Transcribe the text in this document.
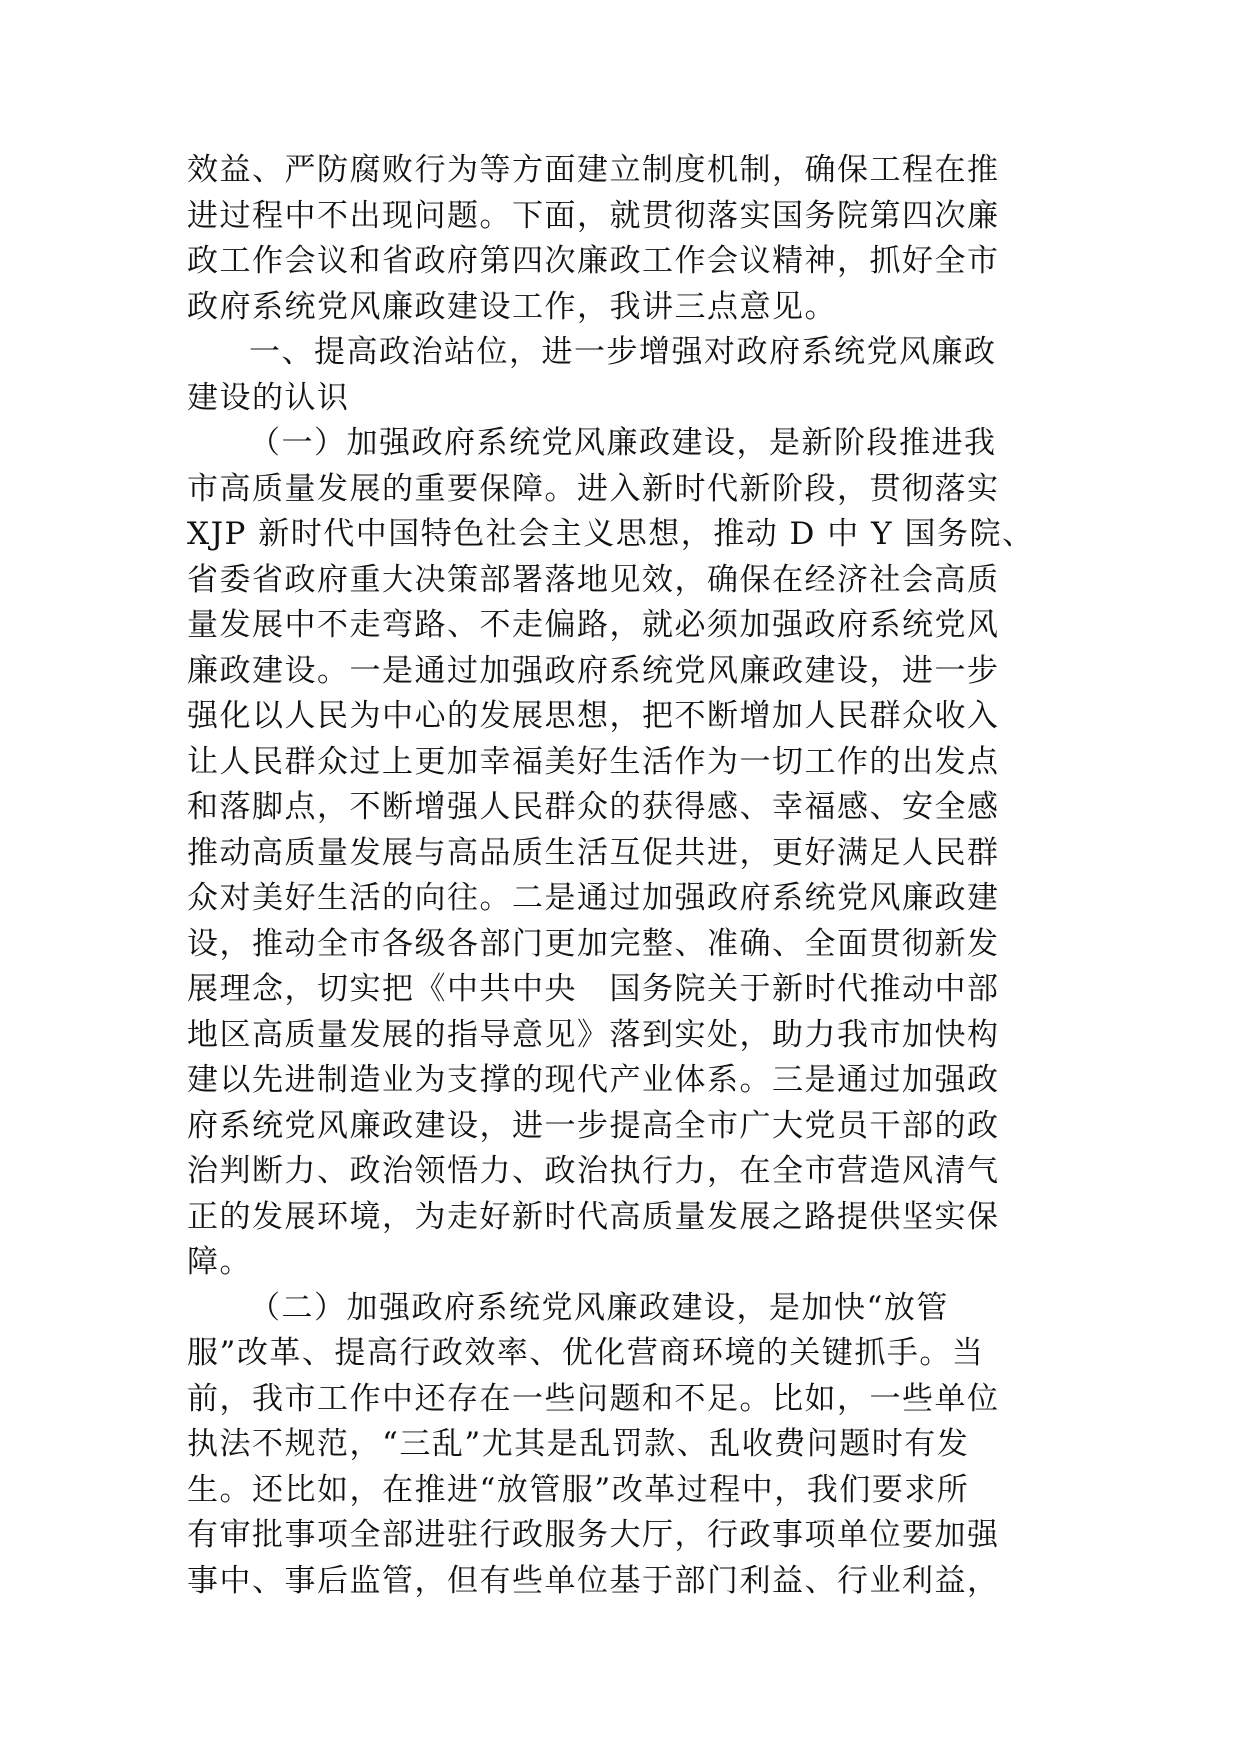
效益、严防腐败行为等方面建立制度机制，确保工程在推
进过程中不出现问题。下面，就贯彻落实国务院第四次廉
政工作会议和省政府第四次廉政工作会议精神，抓好全市
政府系统党风廉政建设工作，我讲三点意见。
一、提高政治站位，进一步增强对政府系统党风廉政
建设的认识
（一）加强政府系统党风廉政建设，是新阶段推进我
市高质量发展的重要保障。进入新时代新阶段，贯彻落实
XJP 新时代中国特色社会主义思想，推动 D 中 Y 国务院、
省委省政府重大决策部署落地见效，确保在经济社会高质
量发展中不走弯路、不走偏路，就必须加强政府系统党风
廉政建设。一是通过加强政府系统党风廉政建设，进一步
强化以人民为中心的发展思想，把不断增加人民群众收入
让人民群众过上更加幸福美好生活作为一切工作的出发点
和落脚点，不断增强人民群众的获得感、幸福感、安全感
推动高质量发展与高品质生活互促共进，更好满足人民群
众对美好生活的向往。二是通过加强政府系统党风廉政建
设，推动全市各级各部门更加完整、准确、全面贯彻新发
展理念，切实把《中共中央　国务院关于新时代推动中部
地区高质量发展的指导意见》落到实处，助力我市加快构
建以先进制造业为支撑的现代产业体系。三是通过加强政
府系统党风廉政建设，进一步提高全市广大党员干部的政
治判断力、政治领悟力、政治执行力，在全市营造风清气
正的发展环境，为走好新时代高质量发展之路提供坚实保
障。
（二）加强政府系统党风廉政建设，是加快“放管
服”改革、提高行政效率、优化营商环境的关键抓手。当
前，我市工作中还存在一些问题和不足。比如，一些单位
执法不规范，“三乱”尤其是乱罚款、乱收费问题时有发
生。还比如，在推进“放管服”改革过程中，我们要求所
有审批事项全部进驻行政服务大厅，行政事项单位要加强
事中、事后监管，但有些单位基于部门利益、行业利益，
